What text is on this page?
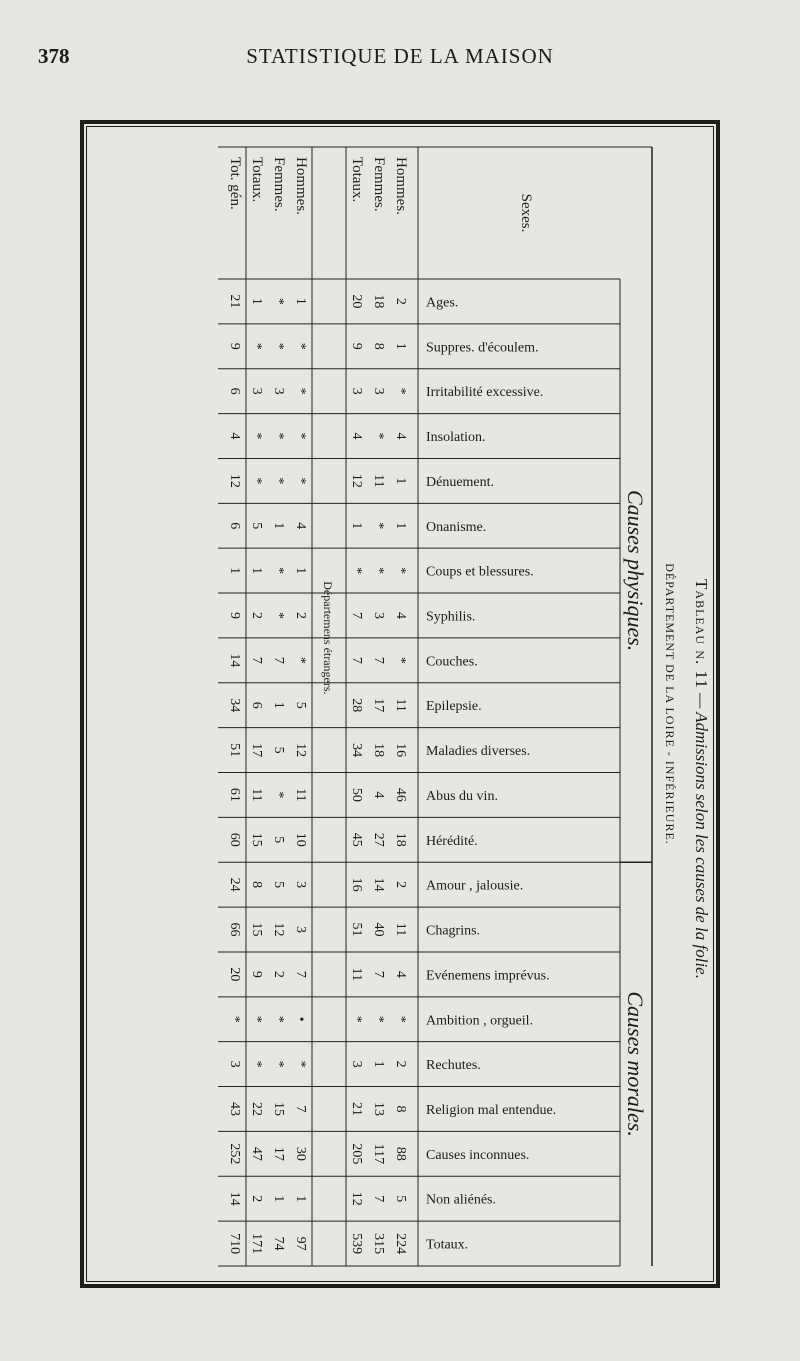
378	STATISTIQUE DE LA MAISON
Tableau n. 11 — Admissions selon les causes de la folie.
DÉPARTEMENT DE LA LOIRE - INFÉRIEURE.
Causes physiques.
Causes morales.
Ages.
Suppres. d'écoulem.
Irritabilité excessive.
Insolation.
Dénuement.
Onanisme.
Coups et blessures.
Syphilis.
Couches.
Epilepsie.
Maladies diverses.
Abus du vin.
Hérédité.
Amour , jalousie.
Chagrins.
Evénemens imprévus.
Ambition , orgueil.
Rechutes.
Religion mal entendue.
Causes inconnues.
Non aliénés.
Totaux.
Sexes.
Hommes.
2
1
*
4
1
1
*
4
*
11
16
46
18
2
11
4
*
2
8
88
5
224
Femmes.
18
8
3
*
11
*
*
3
7
17
18
4
27
14
40
7
*
1
13
117
7
315
Totaux.
20
9
3
4
12
1
*
7
7
28
34
50
45
16
51
11
*
3
21
205
12
539
Départemens étrangers.
Hommes.
1
*
*
*
*
4
1
2
*
5
12
11
10
3
3
7
•
*
7
30
1
97
Femmes.
*
*
3
*
*
1
*
*
7
1
5
*
5
5
12
2
*
*
15
17
1
74
Totaux.
1
*
3
*
*
5
1
2
7
6
17
11
15
8
15
9
*
*
22
47
2
171
Tot. gén.
21
9
6
4
12
6
1
9
14
34
51
61
60
24
66
20
*
3
43
252
14
710
